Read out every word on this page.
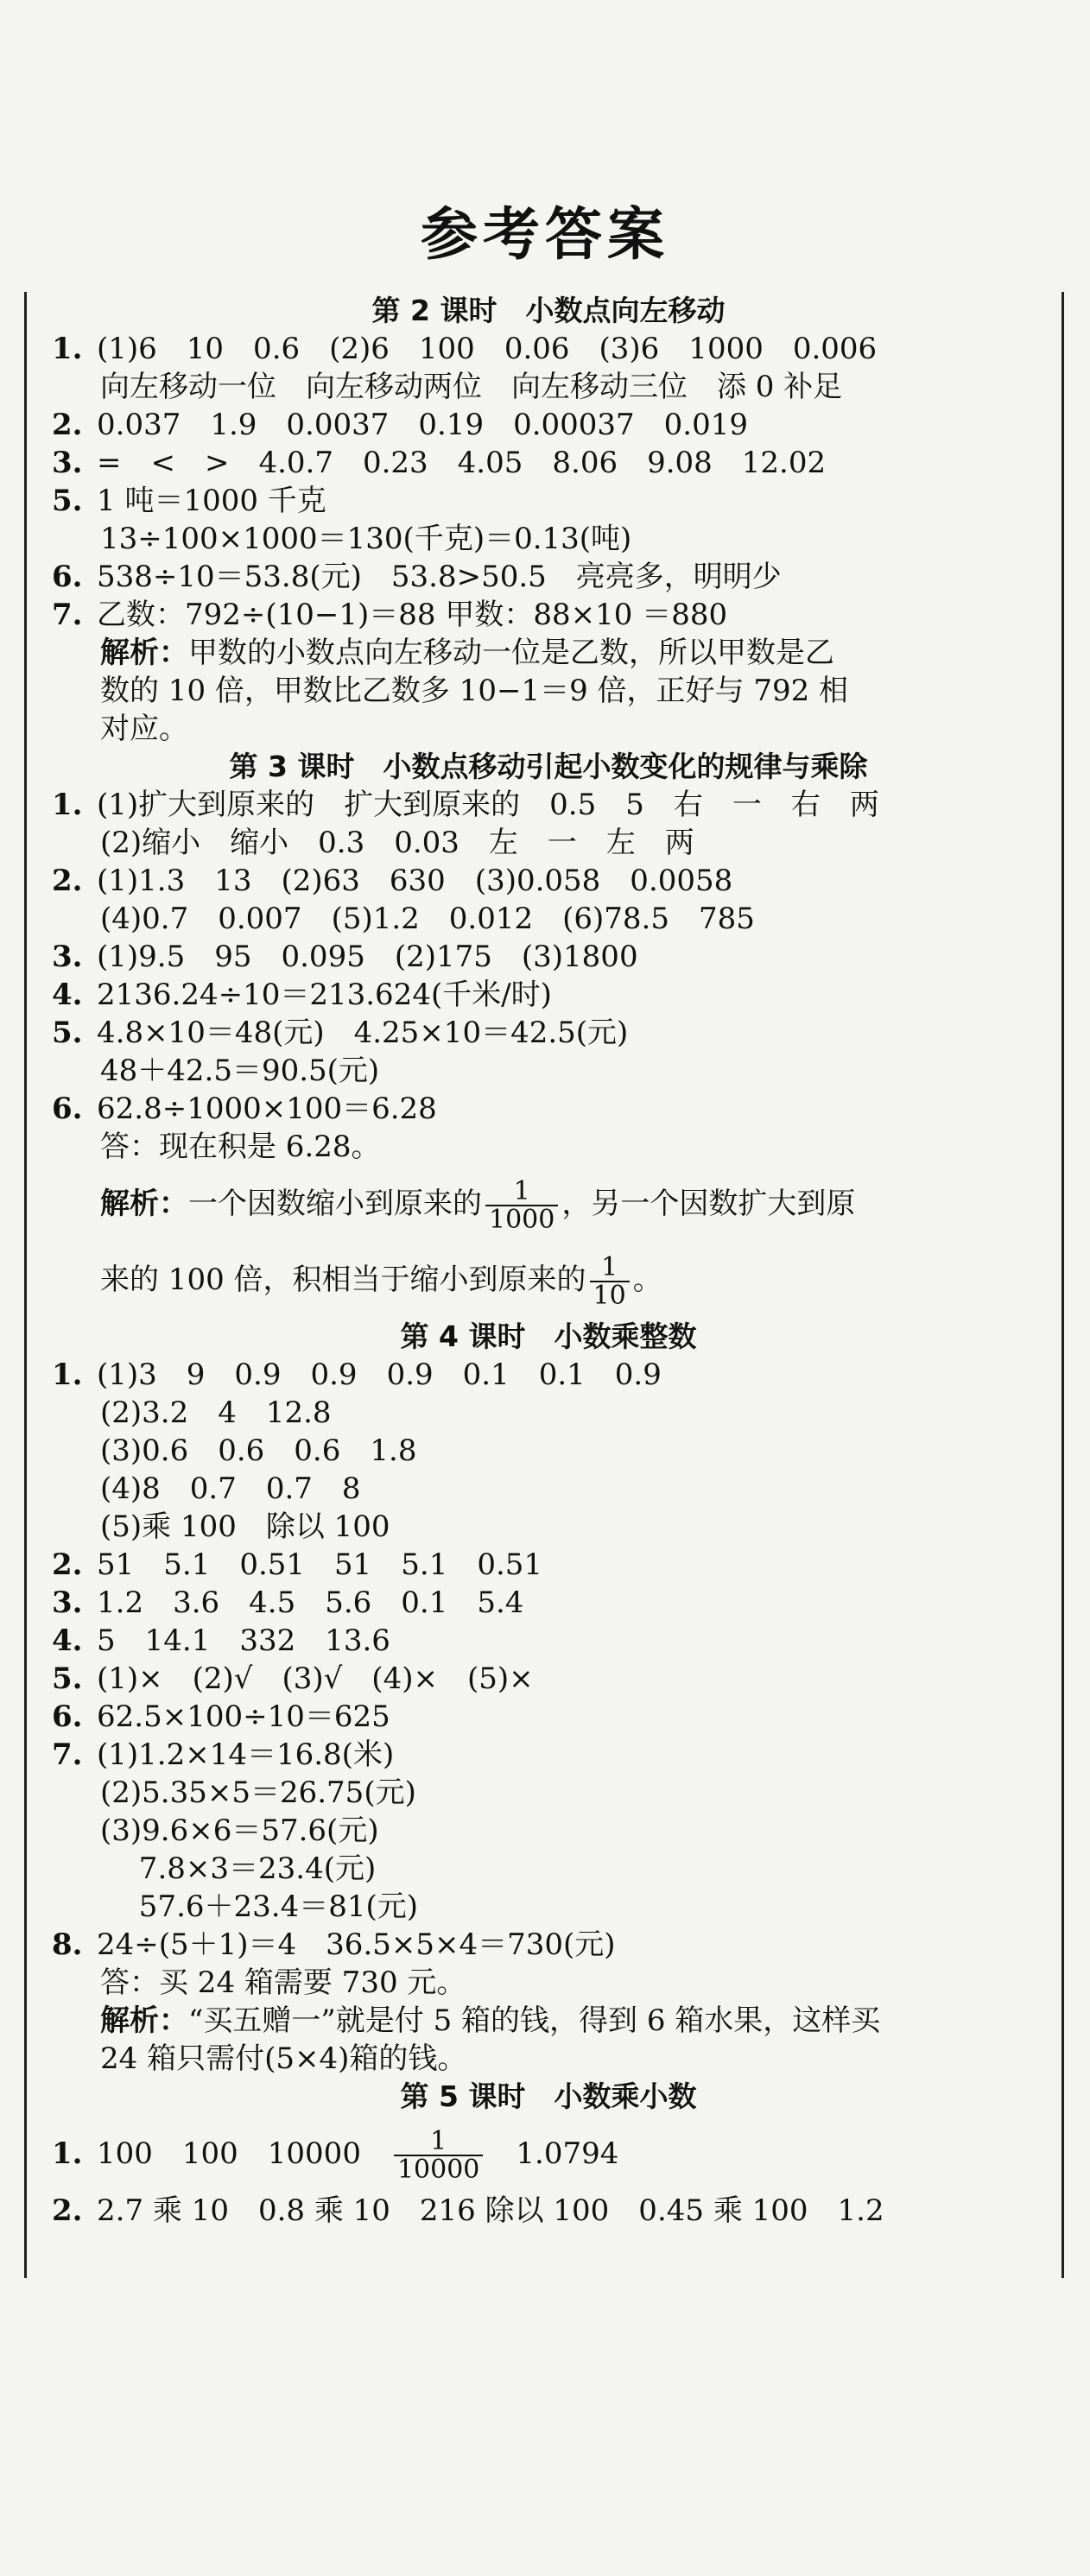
参考答案
第 2 课时　小数点向左移动
1. (1)6　10　0.6　(2)6　100　0.06　(3)6　1000　0.006
向左移动一位　向左移动两位　向左移动三位　添 0 补足
2. 0.037　1.9　0.0037　0.19　0.00037　0.019
3. =　<　>　4.0.7　0.23　4.05　8.06　9.08　12.02
5. 1 吨＝1000 千克
13÷100×1000＝130(千克)＝0.13(吨)
6. 538÷10＝53.8(元)　53.8>50.5　亮亮多，明明少
7. 乙数：792÷(10−1)＝88 甲数：88×10 ＝880
解析：甲数的小数点向左移动一位是乙数，所以甲数是乙
数的 10 倍，甲数比乙数多 10−1＝9 倍，正好与 792 相
对应。
第 3 课时　小数点移动引起小数变化的规律与乘除
1. (1)扩大到原来的　扩大到原来的　0.5　5　右　一　右　两
(2)缩小　缩小　0.3　0.03　左　一　左　两
2. (1)1.3　13　(2)63　630　(3)0.058　0.0058
(4)0.7　0.007　(5)1.2　0.012　(6)78.5　785
3. (1)9.5　95　0.095　(2)175　(3)1800
4. 2136.24÷10＝213.624(千米/时)
5. 4.8×10＝48(元)　4.25×10＝42.5(元)
48＋42.5＝90.5(元)
6. 62.8÷1000×100＝6.28
答：现在积是 6.28。
解析：一个因数缩小到原来的 $\frac{1}{1000}$ ，另一个因数扩大到原
来的 100 倍，积相当于缩小到原来的 $\frac{1}{10}$ 。
第 4 课时　小数乘整数
1. (1)3　9　0.9　0.9　0.9　0.1　0.1　0.9
(2)3.2　4　12.8
(3)0.6　0.6　0.6　1.8
(4)8　0.7　0.7　8
(5)乘 100　除以 100
2. 51　5.1　0.51　51　5.1　0.51
3. 1.2　3.6　4.5　5.6　0.1　5.4
4. 5　14.1　332　13.6
5. (1)×　(2)√　(3)√　(4)×　(5)×
6. 62.5×100÷10＝625
7. (1)1.2×14＝16.8(米)
(2)5.35×5＝26.75(元)
(3)9.6×6＝57.6(元)
　 7.8×3＝23.4(元)
　 57.6＋23.4＝81(元)
8. 24÷(5＋1)＝4　36.5×5×4＝730(元)
答：买 24 箱需要 730 元。
解析：“买五赠一”就是付 5 箱的钱，得到 6 箱水果，这样买
24 箱只需付(5×4)箱的钱。
第 5 课时　小数乘小数
1. 100　100　10000　 $\frac{1}{10000}$
　 1.0794
2. 2.7 乘 10　0.8 乘 10　216 除以 100　0.45 乘 100　1.2
